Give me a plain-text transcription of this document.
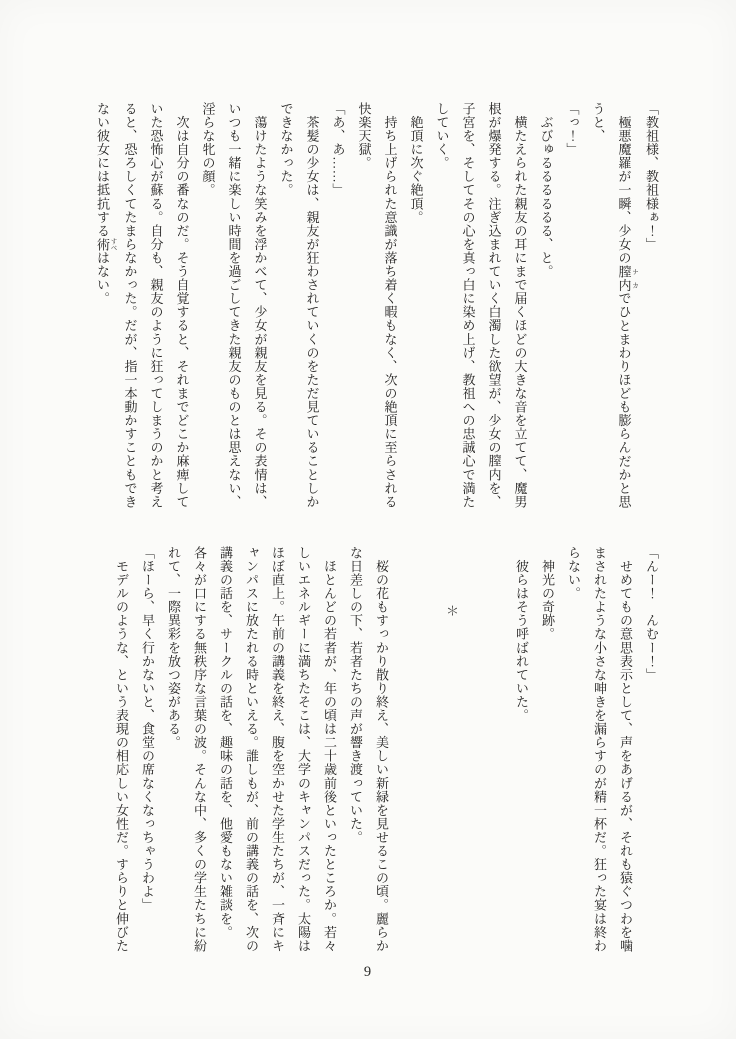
「教祖様、教祖様ぁ！」

　極悪魔羅が一瞬、少女の膣内 ナカでひとまわりほども膨らんだかと思

うと、

「っ！」

　ぶびゅるるるるるる、と。

　横たえられた親友の耳にまで届くほどの大きな音を立てて、魔男

根が爆発する。注ぎ込まれていく白濁した欲望が、少女の膣内を、

子宮を、そしてその心を真っ白に染め上げ、教祖への忠誠心で満た

していく。

　絶頂に次ぐ絶頂。

　持ち上げられた意識が落ち着く暇もなく、次の絶頂に至らされる

快楽天獄。

「あ、あ……」

　茶髪の少女は、親友が狂わされていくのをただ見ていることしか

できなかった。

　蕩けたような笑みを浮かべて、少女が親友を見る。その表情は、

いつも一緒に楽しい時間を過ごしてきた親友のものとは思えない、

淫らな牝の顔。

　次は自分の番なのだ。そう自覚すると、それまでどこか麻痺して

いた恐怖心が蘇る。自分も、親友のように狂ってしまうのかと考え

ると、恐ろしくてたまらなかった。だが、指一本動かすこともでき

ない彼女には抵抗する術 すべはない。

「んー！　んむー！」

　せめてもの意思表示として、声をあげるが、それも猿ぐつわを噛

まされたような小さな呻きを漏らすのが精一杯だ。狂った宴は終わ

らない。

　神光の奇跡。

　彼らはそう呼ばれていた。

＊

　桜の花もすっかり散り終え、美しい新緑を見せるこの頃。麗らか

な日差しの下、若者たちの声が響き渡っていた。

　ほとんどの若者が、年の頃は二十歳前後といったところか。若々

しいエネルギーに満ちたそこは、大学のキャンパスだった。太陽は

ほぼ直上。午前の講義を終え、腹を空かせた学生たちが、一斉にキ

ャンパスに放たれる時といえる。誰しもが、前の講義の話を、次の

講義の話を、サークルの話を、趣味の話を、他愛もない雑談を。

各々が口にする無秩序な言葉の波。そんな中、多くの学生たちに紛

れて、一際異彩を放つ姿がある。

「ほーら、早く行かないと、食堂の席なくなっちゃうわよ」

　モデルのような、という表現の相応しい女性だ。すらりと伸びた

9
